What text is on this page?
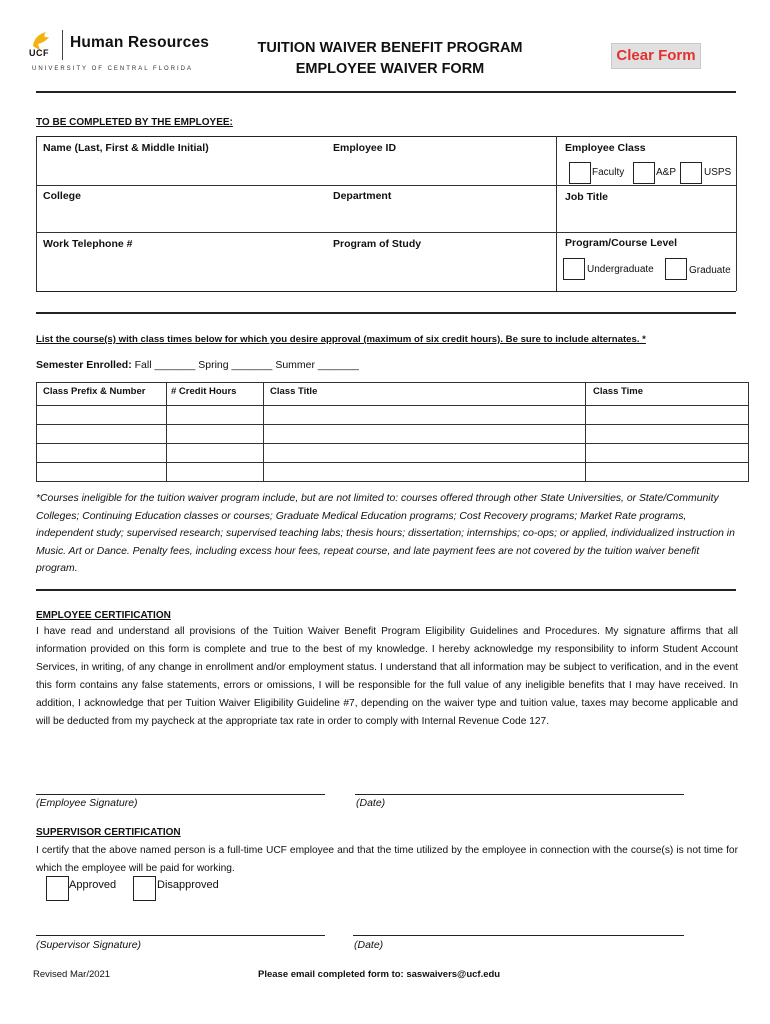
UCF
Human Resources
UNIVERSITY OF CENTRAL FLORIDA
TUITION WAIVER BENEFIT PROGRAM
EMPLOYEE WAIVER FORM
Clear Form
TO BE COMPLETED BY THE EMPLOYEE:
Name (Last, First & Middle Initial)	Employee ID	Employee Class
Faculty	A&P	USPS
College	Department	Job Title
Work Telephone #	Program of Study	Program/Course Level
Undergraduate	Graduate
List the course(s) with class times below for which you desire approval (maximum of six credit hours). Be sure to include alternates. *
Semester Enrolled: Fall _______ Spring _______ Summer _______
Class Prefix & Number	# Credit Hours	Class Title	Class Time
*Courses ineligible for the tuition waiver program include, but are not limited to: courses offered through other State Universities, or State/Community Colleges; Continuing Education classes or courses; Graduate Medical Education programs; Cost Recovery programs; Market Rate programs, independent study; supervised research; supervised teaching labs; thesis hours; dissertation; internships; co-ops; or applied, individualized instruction in Music. Art or Dance. Penalty fees, including excess hour fees, repeat course, and late payment fees are not covered by the tuition waiver benefit program.
EMPLOYEE CERTIFICATION
I have read and understand all provisions of the Tuition Waiver Benefit Program Eligibility Guidelines and Procedures. My signature affirms that all information provided on this form is complete and true to the best of my knowledge. I hereby acknowledge my responsibility to inform Student Account Services, in writing, of any change in enrollment and/or employment status. I understand that all information may be subject to verification, and in the event this form contains any false statements, errors or omissions, I will be responsible for the full value of any ineligible benefits that I may have received. In addition, I acknowledge that per Tuition Waiver Eligibility Guideline #7, depending on the waiver type and tuition value, taxes may become applicable and will be deducted from my paycheck at the appropriate tax rate in order to comply with Internal Revenue Code 127.
(Employee Signature)	(Date)
SUPERVISOR CERTIFICATION
I certify that the above named person is a full-time UCF employee and that the time utilized by the employee in connection with the course(s) is not time for which the employee will be paid for working.
Approved	Disapproved
(Supervisor Signature)	(Date)
Revised Mar/2021	Please email completed form to: saswaivers@ucf.edu
